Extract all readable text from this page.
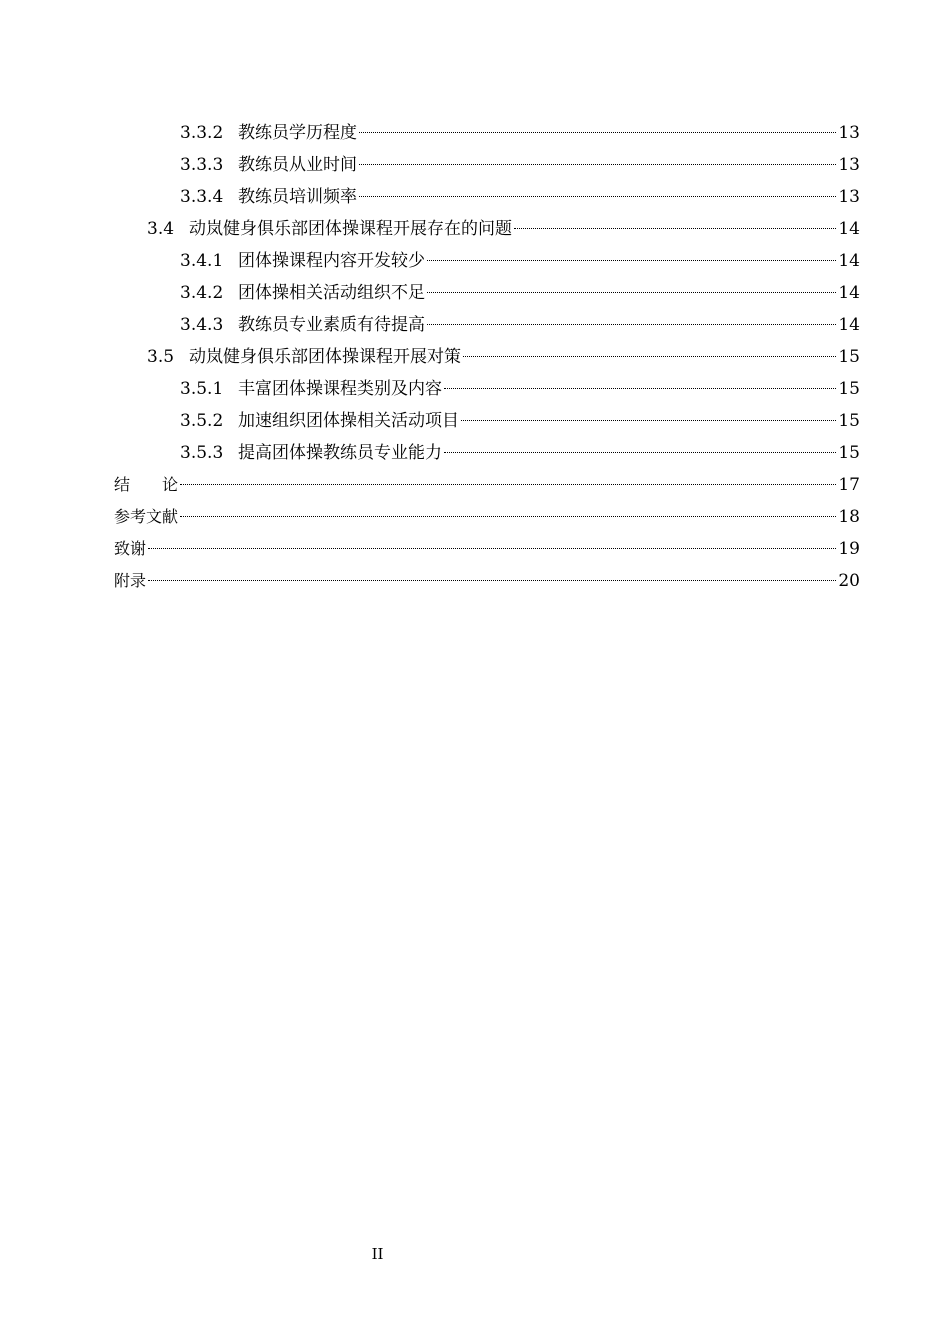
3.3.2 教练员学历程度	13
3.3.3 教练员从业时间	13
3.3.4 教练员培训频率	13
3.4 动岚健身俱乐部团体操课程开展存在的问题	14
3.4.1 团体操课程内容开发较少	14
3.4.2 团体操相关活动组织不足	14
3.4.3 教练员专业素质有待提高	14
3.5 动岚健身俱乐部团体操课程开展对策	15
3.5.1 丰富团体操课程类别及内容	15
3.5.2 加速组织团体操相关活动项目	15
3.5.3 提高团体操教练员专业能力	15
结　　论	17
参考文献	18
致谢	19
附录	20
II
